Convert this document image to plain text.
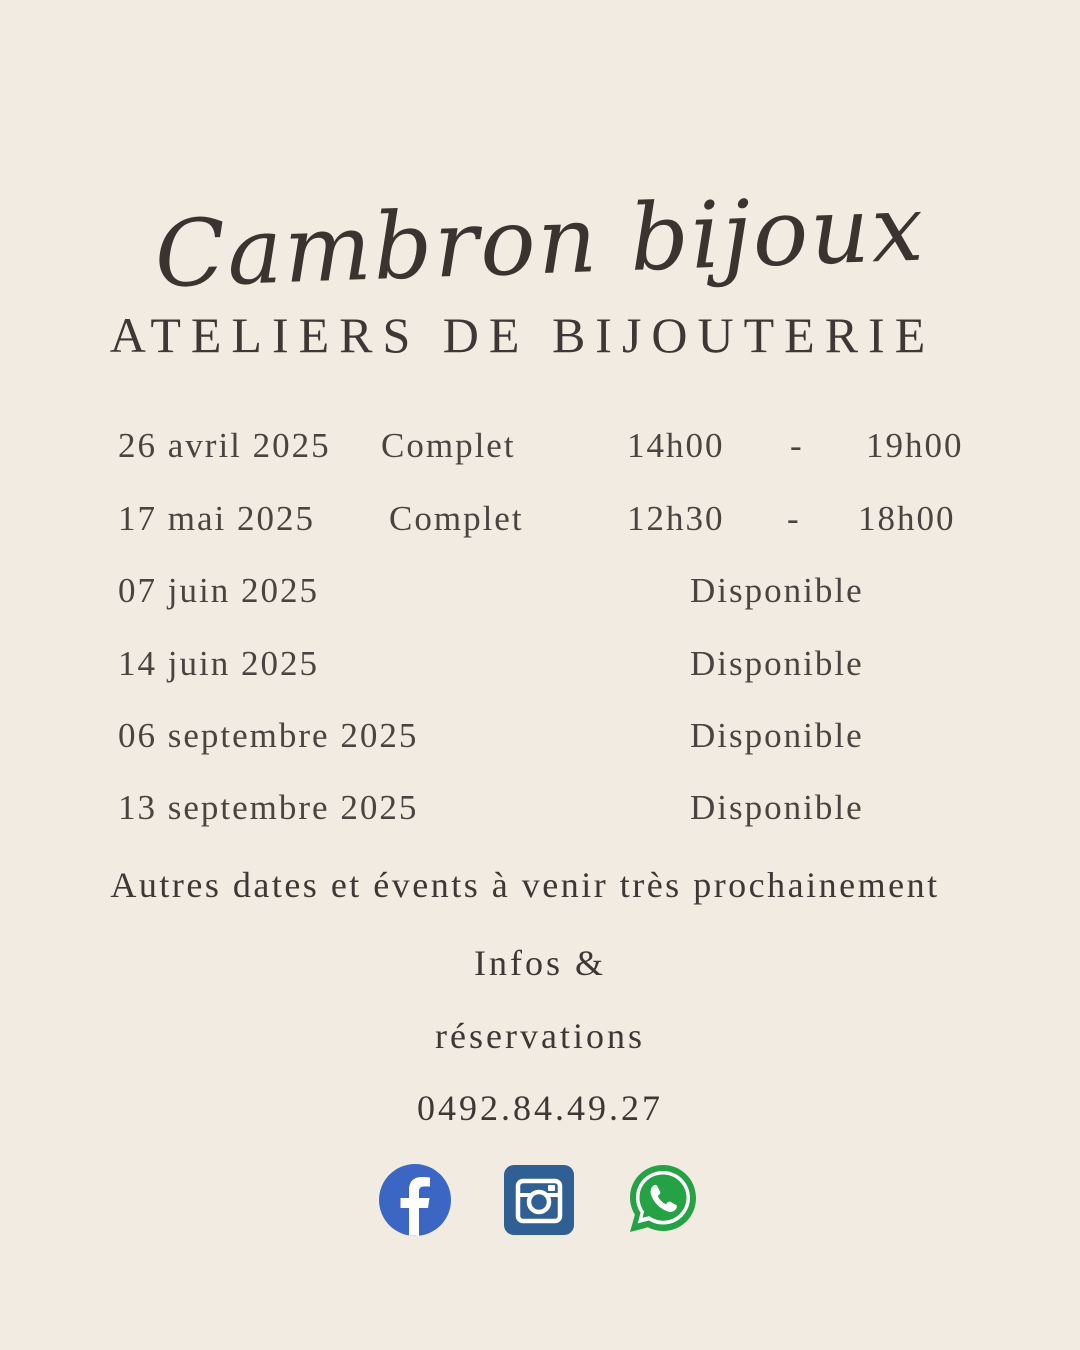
Cambron bijoux
ATELIERS DE BIJOUTERIE
26 avril 2025 Complet	14h00 - 19h00
17 mai 2025 Complet	12h30 - 18h00
07 juin 2025	Disponible
14 juin 2025	Disponible
06 septembre 2025	Disponible
13 septembre 2025	Disponible
Autres dates et évents à venir très prochainement
Infos &
réservations
0492.84.49.27
